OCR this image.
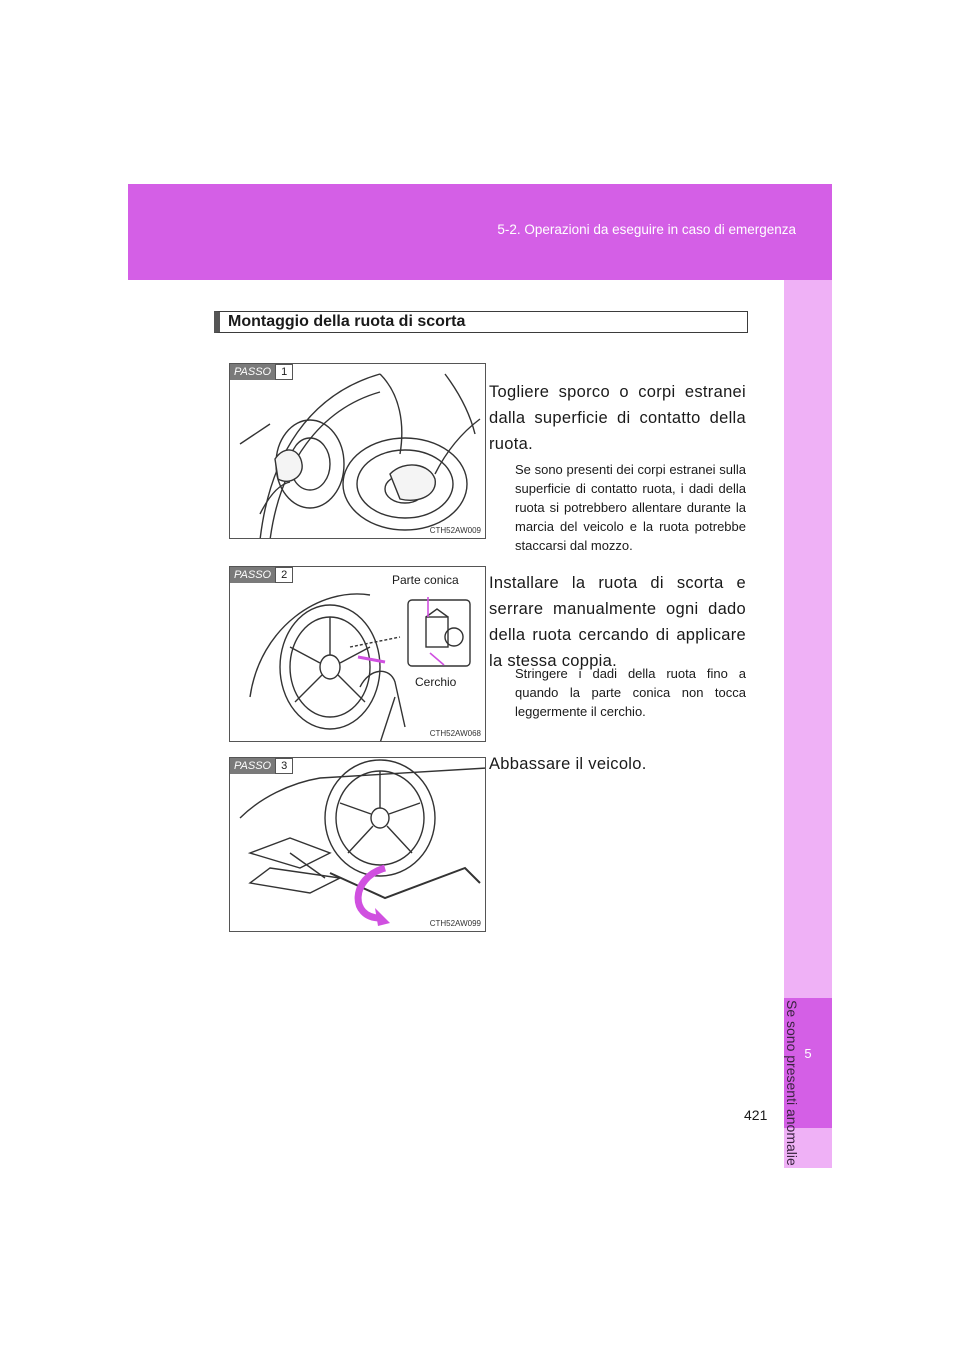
5-2. Operazioni da eseguire in caso di emergenza
5
Se sono presenti anomalie
Montaggio della ruota di scorta
PASSO 1
CTH52AW009
Togliere sporco o corpi estranei dalla superficie di contatto della ruota.
Se sono presenti dei corpi estranei sulla superficie di contatto ruota, i dadi della ruota si potrebbero allentare durante la marcia del veicolo e la ruota potrebbe staccarsi dal mozzo.
PASSO 2	Parte conica
Cerchio
CTH52AW068
Installare la ruota di scorta e serrare manualmente ogni dado della ruota cercando di applicare la stessa coppia.
Stringere i dadi della ruota fino a quando la parte conica non tocca leggermente il cerchio.
PASSO 3
CTH52AW099
Abbassare il veicolo.
421
